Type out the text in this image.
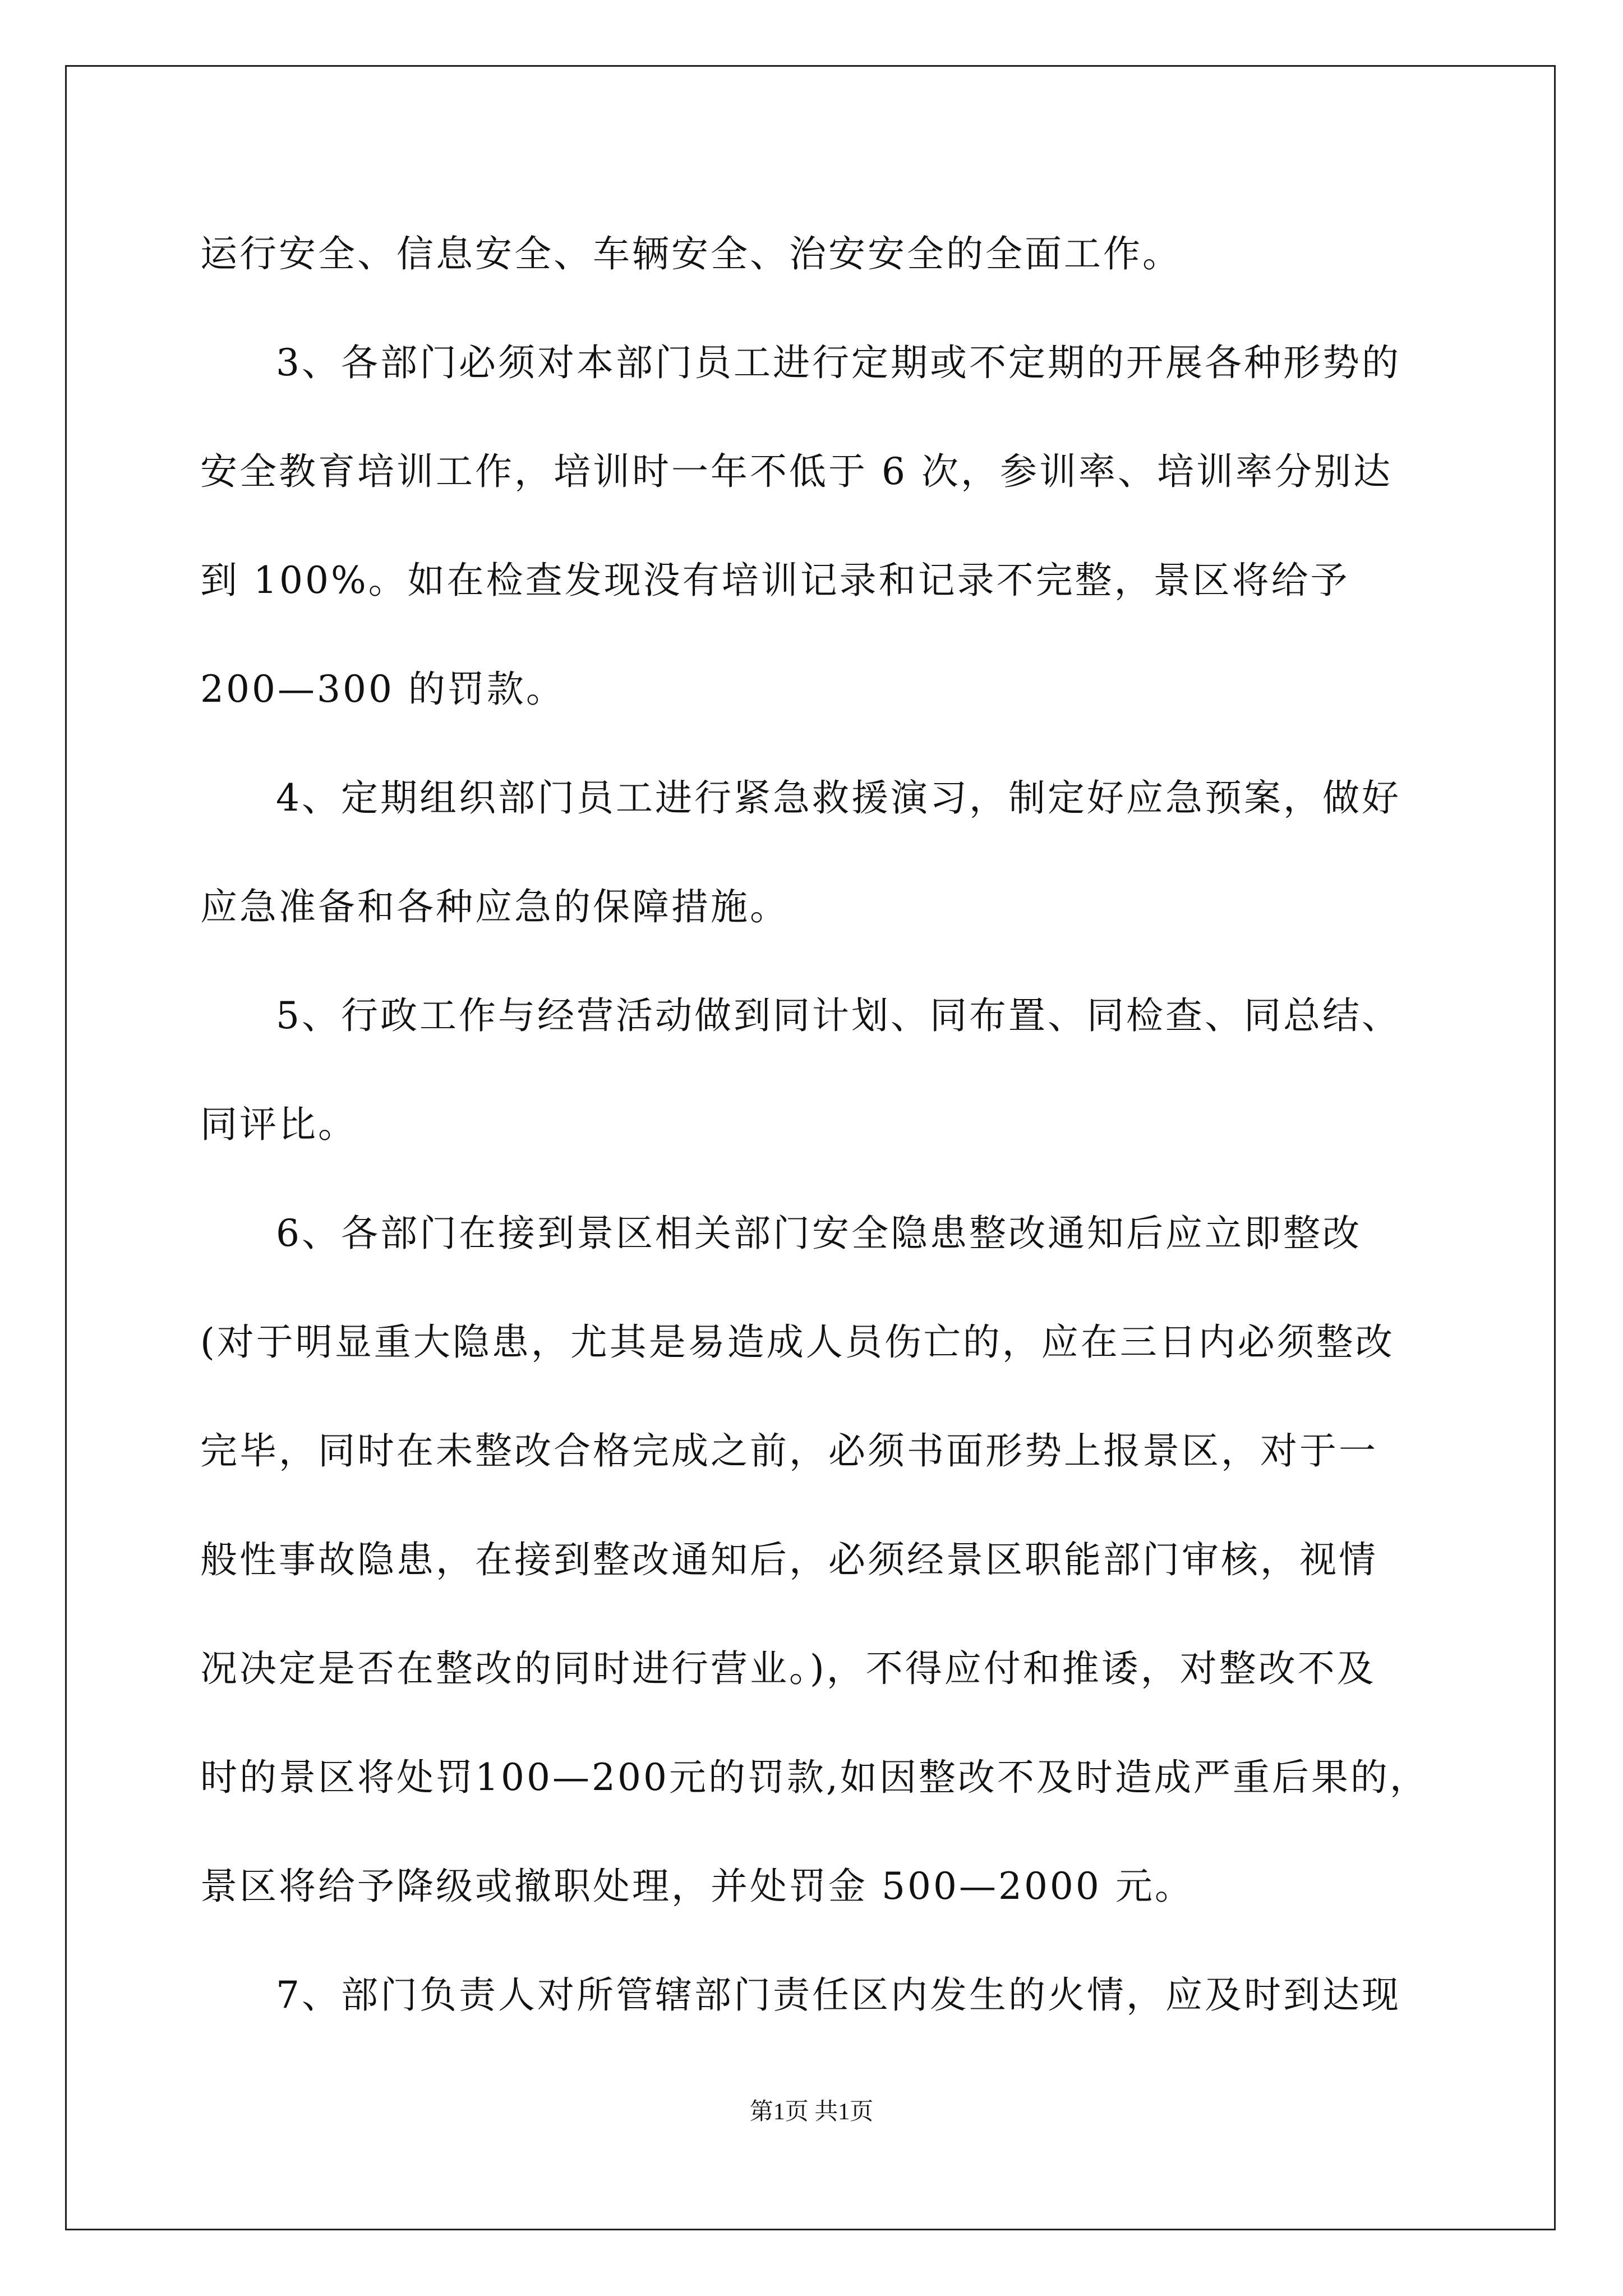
运行安全、信息安全、车辆安全、治安安全的全面工作。
3、各部门必须对本部门员工进行定期或不定期的开展各种形势的
安全教育培训工作，培训时一年不低于 6 次，参训率、培训率分别达
到 100%。如在检查发现没有培训记录和记录不完整，景区将给予
200—300 的罚款。
4、定期组织部门员工进行紧急救援演习，制定好应急预案，做好
应急准备和各种应急的保障措施。
5、行政工作与经营活动做到同计划、同布置、同检查、同总结、
同评比。
6、各部门在接到景区相关部门安全隐患整改通知后应立即整改
(对于明显重大隐患，尤其是易造成人员伤亡的，应在三日内必须整改
完毕，同时在未整改合格完成之前，必须书面形势上报景区，对于一
般性事故隐患，在接到整改通知后，必须经景区职能部门审核，视情
况决定是否在整改的同时进行营业。)，不得应付和推诿，对整改不及
时的景区将处罚100—200元的罚款,如因整改不及时造成严重后果的，
景区将给予降级或撤职处理，并处罚金 500—2000 元。
7、部门负责人对所管辖部门责任区内发生的火情，应及时到达现
第1页 共1页
